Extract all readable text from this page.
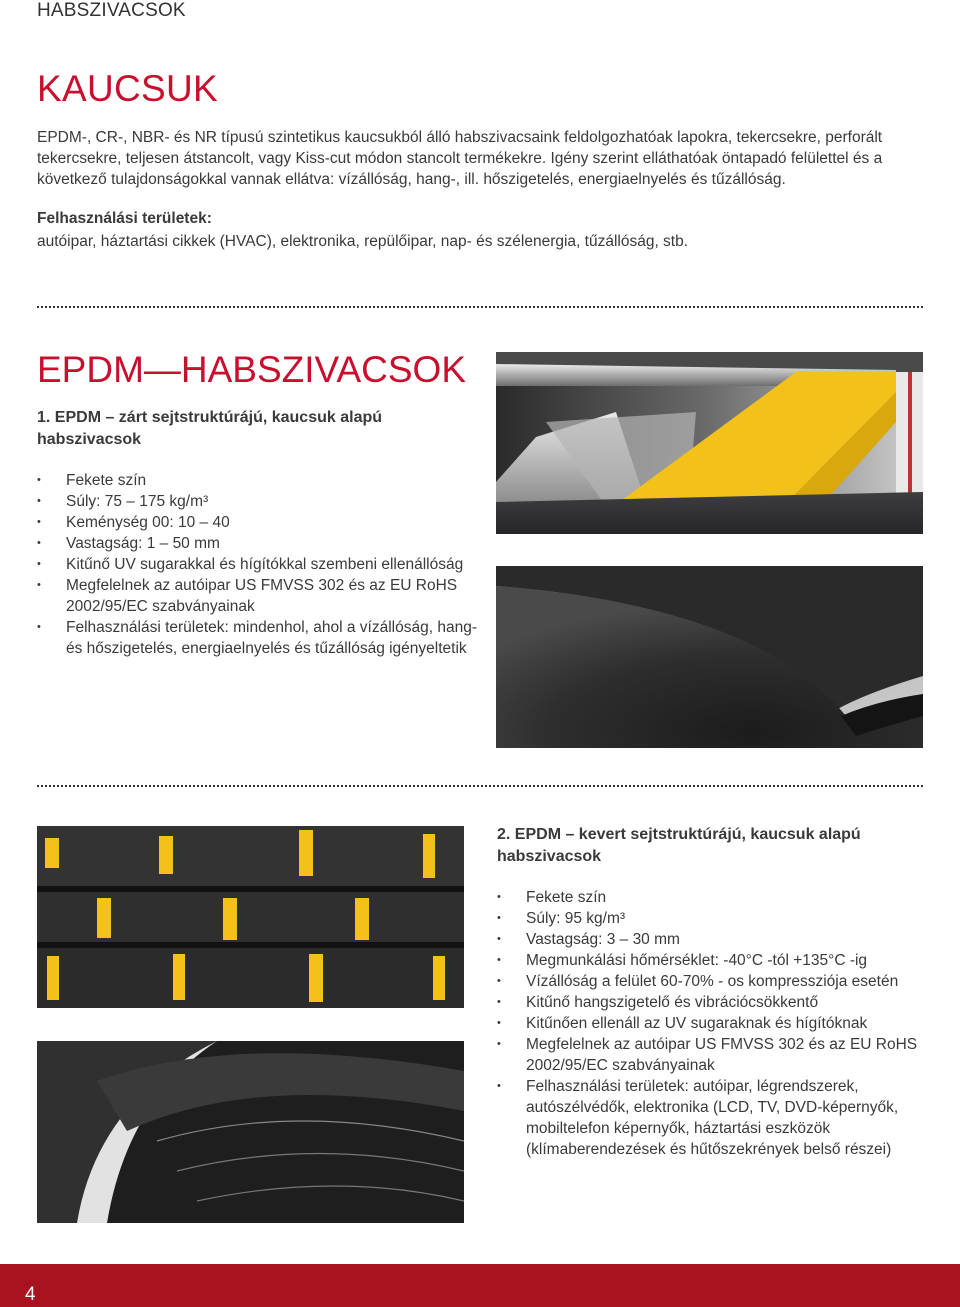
HABSZIVACSOK
KAUCSUK

EPDM-, CR-, NBR- és NR típusú szintetikus kaucsukból álló habszivacsaink feldolgozhatóak lapokra, tekercsekre, perforált tekercsekre, teljesen átstancolt, vagy Kiss-cut módon stancolt termékekre. Igény szerint elláthatóak öntapadó felülettel és a következő tulajdonságokkal vannak ellátva: vízállóság, hang-, ill. hőszigetelés, energiaelnyelés és tűzállóság.

Felhasználási területek:
autóipar, háztartási cikkek (HVAC), elektronika, repülőipar, nap- és szélenergia, tűzállóság, stb.
EPDM—HABSZIVACSOK
1. EPDM – zárt sejtstruktúrájú, kaucsuk alapú habszivacsok
• Fekete szín
• Súly: 75 – 175 kg/m³
• Keménység 00: 10 – 40
• Vastagság: 1 – 50 mm
• Kitűnő UV sugarakkal és hígítókkal szembeni ellenállóság
• Megfelelnek az autóipar US FMVSS 302 és az EU RoHS 2002/95/EC szabványainak
• Felhasználási területek: mindenhol, ahol a vízállóság, hang- és hőszigetelés, energiaelnyelés és tűzállóság igényeltetik
2. EPDM – kevert sejtstruktúrájú, kaucsuk alapú habszivacsok
• Fekete szín
• Súly: 95 kg/m³
• Vastagság: 3 – 30 mm
• Megmunkálási hőmérséklet: -40°C -tól +135°C -ig
• Vízállóság a felület 60-70% - os kompressziója esetén
• Kitűnő hangszigetelő és vibrációcsökkentő
• Kitűnően ellenáll az UV sugaraknak és hígítóknak
• Megfelelnek az autóipar US FMVSS 302 és az EU RoHS 2002/95/EC szabványainak
• Felhasználási területek: autóipar, légrendszerek, autószélvédők, elektronika (LCD, TV, DVD-képernyők, mobiltelefon képernyők, háztartási eszközök (klímaberendezések és hűtőszekrények belső részei)
4
